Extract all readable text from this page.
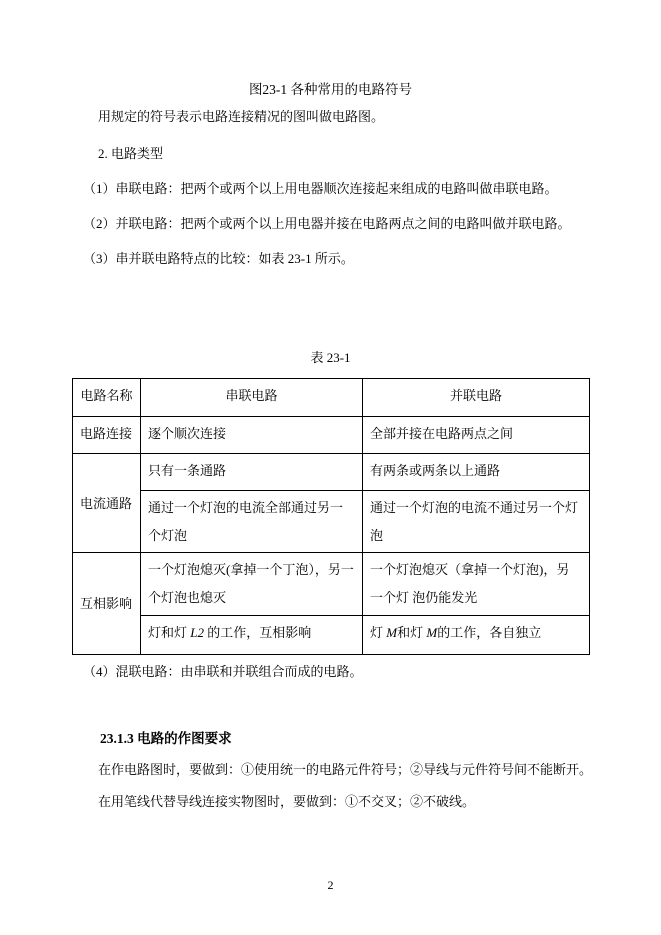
图23-1 各种常用的电路符号

用规定的符号表示电路连接精况的图叫做电路图。

2. 电路类型

（1）串联电路：把两个或两个以上用电器顺次连接起来组成的电路叫做串联电路。

（2）并联电路：把两个或两个以上用电器并接在电路两点之间的电路叫做并联电路。

（3）串并联电路特点的比较：如表 23-1 所示。

表 23-1
电路名称	串联电路	并联电路
电路连接	逐个顺次连接	全部并接在电路两点之间
电流通路	只有一条通路	有两条或两条以上通路
	通过一个灯泡的电流全部通过另一个灯泡	通过一个灯泡的电流不通过另一个灯泡
互相影响	一个灯泡熄灭(拿掉一个丁泡），另一个灯泡也熄灭	一个灯泡熄灭（拿掉一个灯泡)，另一个灯 泡仍能发光
	灯和灯 L2 的工作，互相影响	灯 M和灯 M的工作，各自独立

（4）混联电路：由串联和并联组合而成的电路。

23.1.3 电路的作图要求

在作电路图时，要做到：①使用统一的电路元件符号；②导线与元件符号间不能断开。

在用笔线代替导线连接实物图时，要做到：①不交叉；②不破线。

2
